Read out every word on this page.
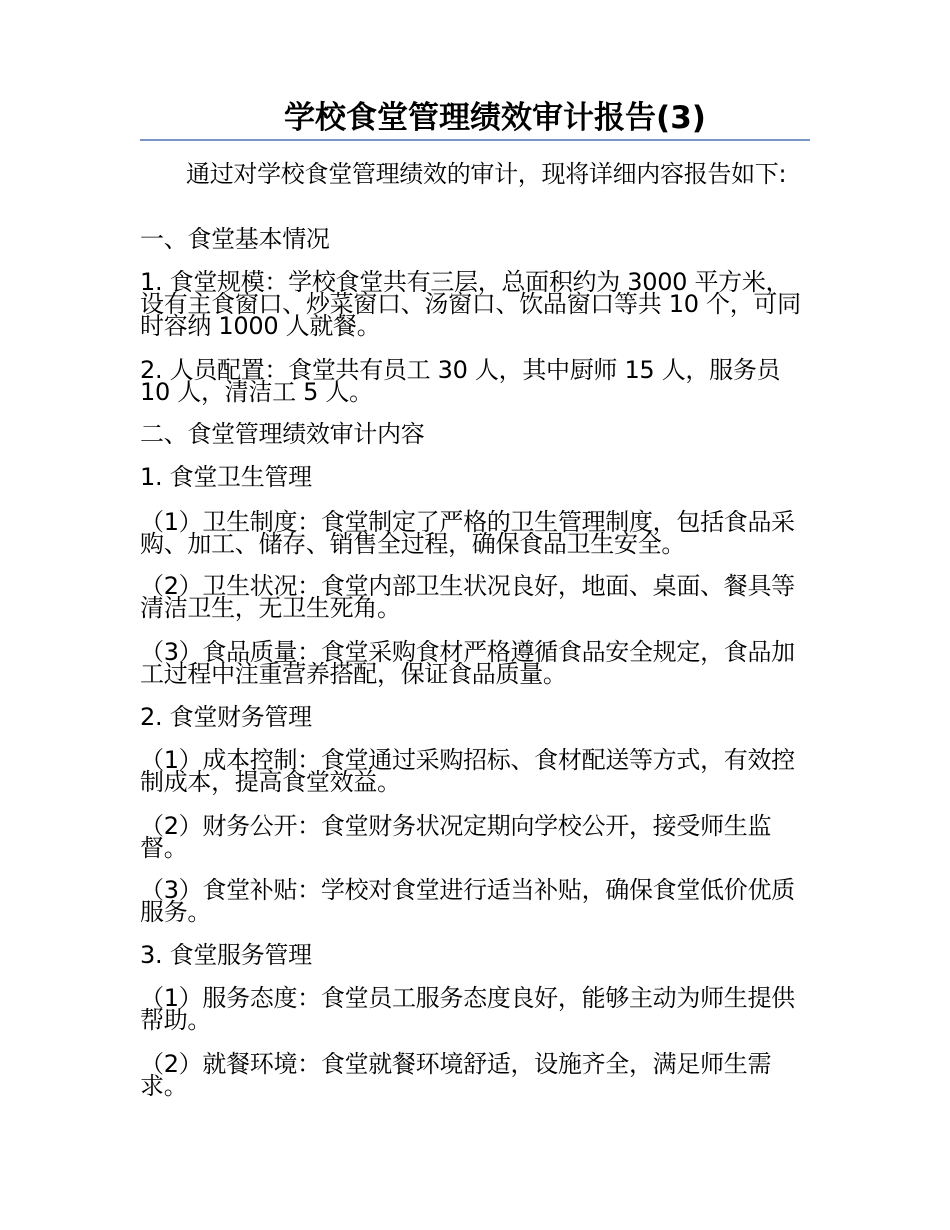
学校食堂管理绩效审计报告(3)
通过对学校食堂管理绩效的审计，现将详细内容报告如下:
一、食堂基本情况
1. 食堂规模：学校食堂共有三层，总面积约为 3000 平方米，设有主食窗口、炒菜窗口、汤窗口、饮品窗口等共 10 个，可同时容纳 1000 人就餐。
2. 人员配置：食堂共有员工 30 人，其中厨师 15 人，服务员 10 人，清洁工 5 人。
二、食堂管理绩效审计内容
1. 食堂卫生管理
（1）卫生制度：食堂制定了严格的卫生管理制度，包括食品采购、加工、储存、销售全过程，确保食品卫生安全。
（2）卫生状况：食堂内部卫生状况良好，地面、桌面、餐具等清洁卫生，无卫生死角。
（3）食品质量：食堂采购食材严格遵循食品安全规定，食品加工过程中注重营养搭配，保证食品质量。
2. 食堂财务管理
（1）成本控制：食堂通过采购招标、食材配送等方式，有效控制成本，提高食堂效益。
（2）财务公开：食堂财务状况定期向学校公开，接受师生监督。
（3）食堂补贴：学校对食堂进行适当补贴，确保食堂低价优质服务。
3. 食堂服务管理
（1）服务态度：食堂员工服务态度良好，能够主动为师生提供帮助。
（2）就餐环境：食堂就餐环境舒适，设施齐全，满足师生需求。
